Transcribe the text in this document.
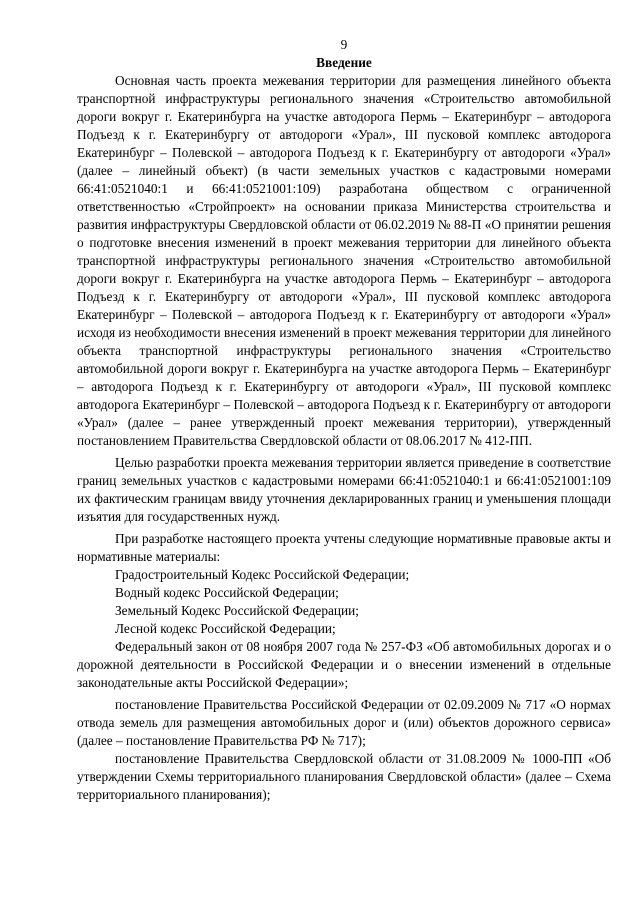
9

Введение

Основная часть проекта межевания территории для размещения линейного объекта транспортной инфраструктуры регионального значения «Строительство автомобильной дороги вокруг г. Екатеринбурга на участке автодорога Пермь – Екатеринбург – автодорога Подъезд к г. Екатеринбургу от автодороги «Урал», III пусковой комплекс автодорога Екатеринбург – Полевской – автодорога Подъезд к г. Екатеринбургу от автодороги «Урал» (далее – линейный объект) (в части земельных участков с кадастровыми номерами 66:41:0521040:1 и 66:41:0521001:109) разработана обществом с ограниченной ответственностью «Стройпроект» на основании приказа Министерства строительства и развития инфраструктуры Свердловской области от 06.02.2019 № 88-П «О принятии решения о подготовке внесения изменений в проект межевания территории для линейного объекта транспортной инфраструктуры регионального значения «Строительство автомобильной дороги вокруг г. Екатеринбурга на участке автодорога Пермь – Екатеринбург – автодорога Подъезд к г. Екатеринбургу от автодороги «Урал», III пусковой комплекс автодорога Екатеринбург – Полевской – автодорога Подъезд к г. Екатеринбургу от автодороги «Урал» исходя из необходимости внесения изменений в проект межевания территории для линейного объекта транспортной инфраструктуры регионального значения «Строительство автомобильной дороги вокруг г. Екатеринбурга на участке автодорога Пермь – Екатеринбург – автодорога Подъезд к г. Екатеринбургу от автодороги «Урал», III пусковой комплекс автодорога Екатеринбург – Полевской – автодорога Подъезд к г. Екатеринбургу от автодороги «Урал» (далее – ранее утвержденный проект межевания территории), утвержденный постановлением Правительства Свердловской области от 08.06.2017 № 412-ПП.

Целью разработки проекта межевания территории является приведение в соответствие границ земельных участков с кадастровыми номерами 66:41:0521040:1 и 66:41:0521001:109 их фактическим границам ввиду уточнения декларированных границ и уменьшения площади изъятия для государственных нужд.

При разработке настоящего проекта учтены следующие нормативные правовые акты и нормативные материалы:

Градостроительный Кодекс Российской Федерации;

Водный кодекс Российской Федерации;

Земельный Кодекс Российской Федерации;

Лесной кодекс Российской Федерации;

Федеральный закон от 08 ноября 2007 года № 257-ФЗ «Об автомобильных дорогах и о дорожной деятельности в Российской Федерации и о внесении изменений в отдельные законодательные акты Российской Федерации»;

постановление Правительства Российской Федерации от 02.09.2009 № 717 «О нормах отвода земель для размещения автомобильных дорог и (или) объектов дорожного сервиса» (далее – постановление Правительства РФ № 717);

постановление Правительства Свердловской области от 31.08.2009 № 1000-ПП «Об утверждении Схемы территориального планирования Свердловской области» (далее – Схема территориального планирования);
